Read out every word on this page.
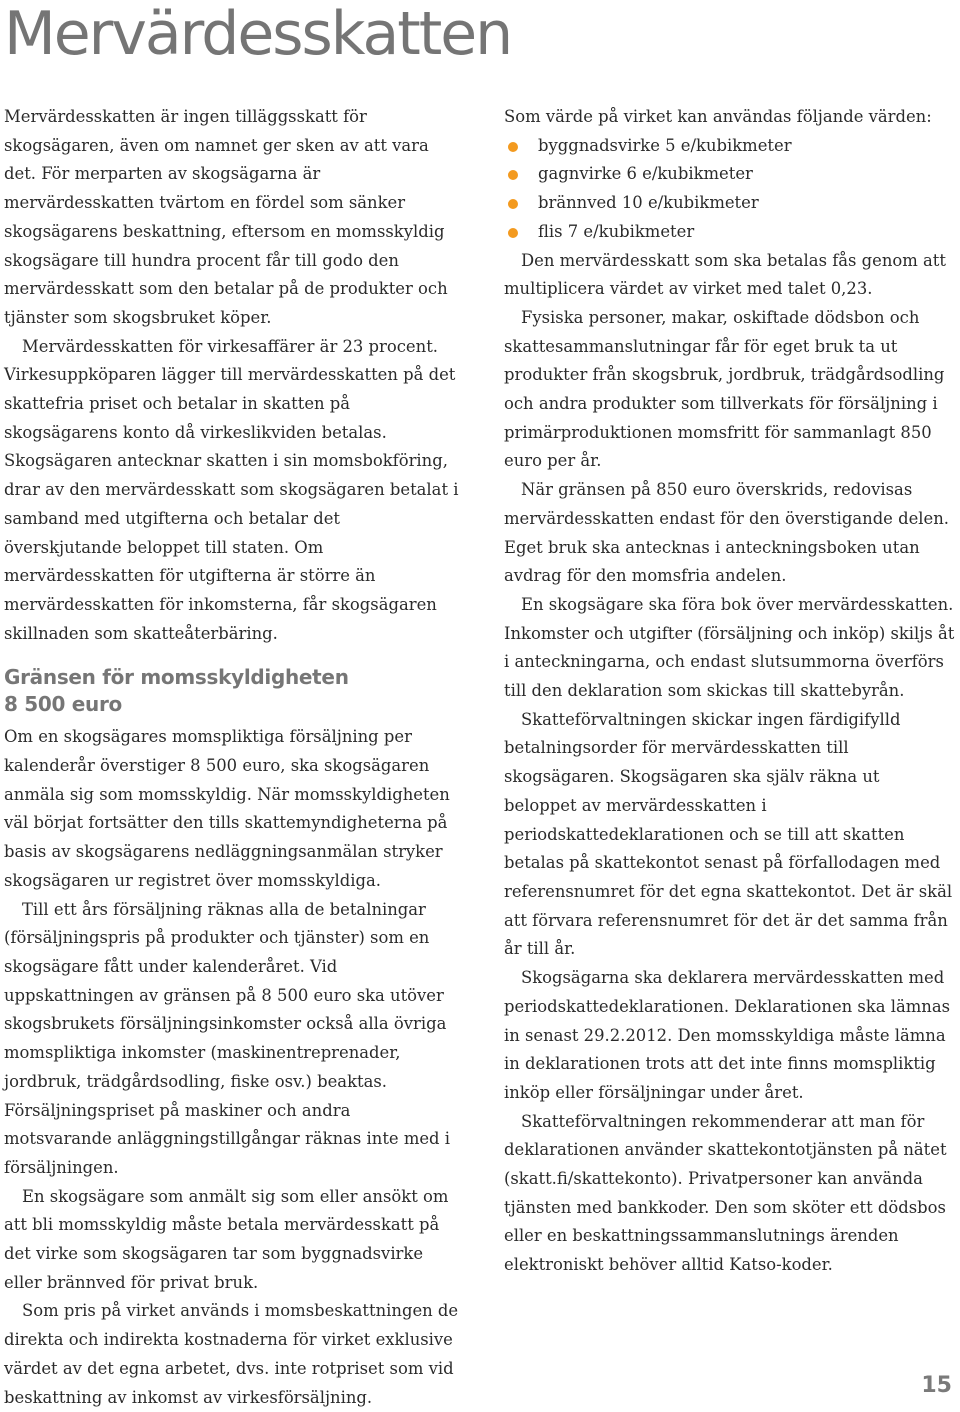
Mervärdesskatten

Mervärdesskatten är ingen tilläggsskatt för skogsägaren, även om namnet ger sken av att vara det. För merparten av skogsägarna är mervärdesskatten tvärtom en fördel som sänker skogsägarens beskattning, eftersom en momsskyldig skogsägare till hundra procent får till godo den mervärdesskatt som den betalar på de produkter och tjänster som skogsbruket köper.

Mervärdesskatten för virkesaffärer är 23 procent. Virkesuppköparen lägger till mervärdesskatten på det skattefria priset och betalar in skatten på skogsägarens konto då virkeslikviden betalas. Skogsägaren antecknar skatten i sin momsbokföring, drar av den mervärdesskatt som skogsägaren betalat i samband med utgifterna och betalar det överskjutande beloppet till staten. Om mervärdesskatten för utgifterna är större än mervärdesskatten för inkomsterna, får skogsägaren skillnaden som skatteåterbäring.

Gränsen för momsskyldigheten
8 500 euro

Om en skogsägares momspliktiga försäljning per kalenderår överstiger 8 500 euro, ska skogsägaren anmäla sig som momsskyldig. När momsskyldigheten väl börjat fortsätter den tills skattemyndigheterna på basis av skogsägarens nedläggningsanmälan stryker skogsägaren ur registret över momsskyldiga.

Till ett års försäljning räknas alla de betalningar (försäljningspris på produkter och tjänster) som en skogsägare fått under kalenderåret. Vid uppskattningen av gränsen på 8 500 euro ska utöver skogsbrukets försäljningsinkomster också alla övriga momspliktiga inkomster (maskinentreprenader, jordbruk, trädgårdsodling, fiske osv.) beaktas. Försäljningspriset på maskiner och andra motsvarande anläggningstillgångar räknas inte med i försäljningen.

En skogsägare som anmält sig som eller ansökt om att bli momsskyldig måste betala mervärdesskatt på det virke som skogsägaren tar som byggnadsvirke eller brännved för privat bruk.

Som pris på virket används i momsbeskattningen de direkta och indirekta kostnaderna för virket exklusive värdet av det egna arbetet, dvs. inte rotpriset som vid beskattning av inkomst av virkesförsäljning.

Som värde på virket kan användas följande värden:

byggnadsvirke 5 e/kubikmeter
gagnvirke 6 e/kubikmeter
brännved 10 e/kubikmeter
flis 7 e/kubikmeter

Den mervärdesskatt som ska betalas fås genom att multiplicera värdet av virket med talet 0,23.

Fysiska personer, makar, oskiftade dödsbon och skattesammanslutningar får för eget bruk ta ut produkter från skogsbruk, jordbruk, trädgårdsodling och andra produkter som tillverkats för försäljning i primärproduktionen momsfritt för sammanlagt 850 euro per år.

När gränsen på 850 euro överskrids, redovisas mervärdesskatten endast för den överstigande delen. Eget bruk ska antecknas i anteckningsboken utan avdrag för den momsfria andelen.

En skogsägare ska föra bok över mervärdesskatten. Inkomster och utgifter (försäljning och inköp) skiljs åt i anteckningarna, och endast slutsummorna överförs till den deklaration som skickas till skattebyrån.

Skatteförvaltningen skickar ingen färdigifylld betalningsorder för mervärdesskatten till skogsägaren. Skogsägaren ska själv räkna ut beloppet av mervärdesskatten i periodskattedeklarationen och se till att skatten betalas på skattekontot senast på förfallodagen med referensnumret för det egna skattekontot. Det är skäl att förvara referensnumret för det är det samma från år till år.

Skogsägarna ska deklarera mervärdesskatten med periodskattedeklarationen. Deklarationen ska lämnas in senast 29.2.2012. Den momsskyldiga måste lämna in deklarationen trots att det inte finns momspliktig inköp eller försäljningar under året.

Skatteförvaltningen rekommenderar att man för deklarationen använder skattekontotjänsten på nätet (skatt.fi/skattekonto). Privatpersoner kan använda tjänsten med bankkoder. Den som sköter ett dödsbos eller en beskattningssammanslutnings ärenden elektroniskt behöver alltid Katso-koder.

15
